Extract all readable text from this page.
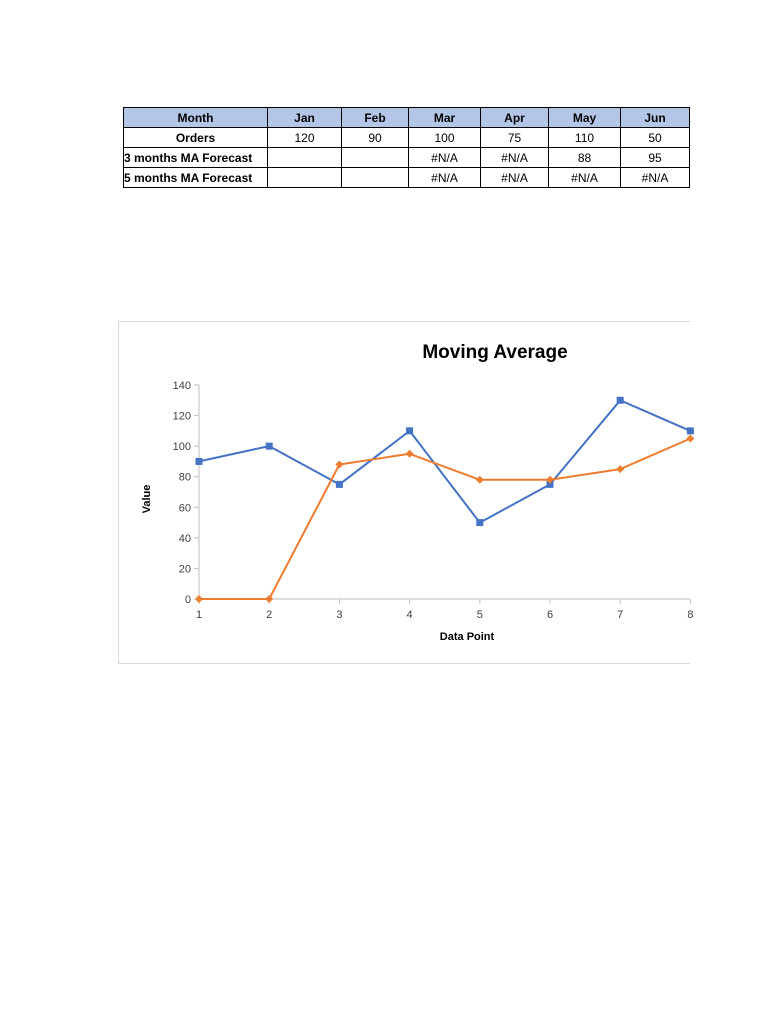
Month	Jan	Feb	Mar	Apr	May	Jun
Orders	120	90	100	75	110	50
3 months MA Forecast			#N/A	#N/A	88	95
5 months MA Forecast			#N/A	#N/A	#N/A	#N/A
Moving Average
0
20
40
60
80
100
120
140
1	2	3	4	5	6	7	8
Data Point
Value
